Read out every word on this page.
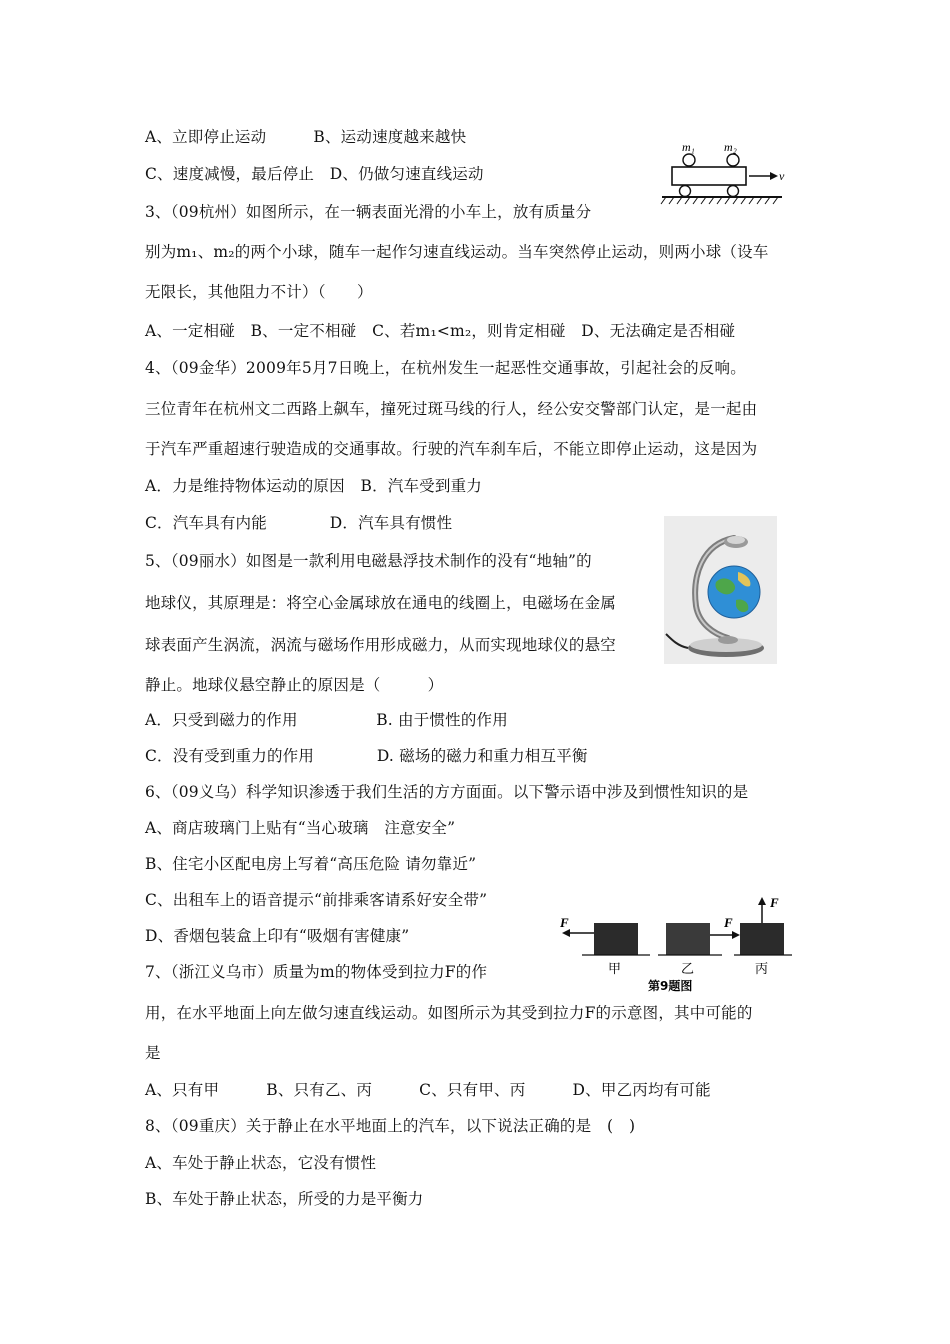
A、立即停止运动　　　B、运动速度越来越快
C、速度减慢，最后停止　D、仍做匀速直线运动
3、（09杭州）如图所示，在一辆表面光滑的小车上，放有质量分
别为m₁、m₂的两个小球，随车一起作匀速直线运动。当车突然停止运动，则两小球（设车
无限长，其他阻力不计）（　　）
A、一定相碰　B、一定不相碰　C、若m₁<m₂，则肯定相碰　D、无法确定是否相碰
4、（09金华）2009年5月7日晚上，在杭州发生一起恶性交通事故，引起社会的反响。
三位青年在杭州文二西路上飙车，撞死过斑马线的行人，经公安交警部门认定，是一起由
于汽车严重超速行驶造成的交通事故。行驶的汽车刹车后，不能立即停止运动，这是因为
A．力是维持物体运动的原因　B．汽车受到重力
C．汽车具有内能　　　　D．汽车具有惯性
5、（09丽水）如图是一款利用电磁悬浮技术制作的没有“地轴”的
地球仪，其原理是：将空心金属球放在通电的线圈上，电磁场在金属
球表面产生涡流，涡流与磁场作用形成磁力，从而实现地球仪的悬空
静止。地球仪悬空静止的原因是（　　　）
A．只受到磁力的作用　　　　　B. 由于惯性的作用
C．没有受到重力的作用　　　　D. 磁场的磁力和重力相互平衡
6、（09义乌）科学知识渗透于我们生活的方方面面。以下警示语中涉及到惯性知识的是
A、商店玻璃门上贴有“当心玻璃　注意安全”
B、住宅小区配电房上写着“高压危险 请勿靠近”
C、出租车上的语音提示“前排乘客请系好安全带”
D、香烟包装盒上印有“吸烟有害健康”
7、（浙江义乌市）质量为m的物体受到拉力F的作
用，在水平地面上向左做匀速直线运动。如图所示为其受到拉力F的示意图，其中可能的
是
A、只有甲　　　B、只有乙、丙　　　C、只有甲、丙　　　D、甲乙丙均有可能
8、（09重庆）关于静止在水平地面上的汽车，以下说法正确的是　(　)
A、车处于静止状态，它没有惯性
B、车处于静止状态，所受的力是平衡力
m₁ m₂
v
F
甲
F
乙
F
丙
第9题图
